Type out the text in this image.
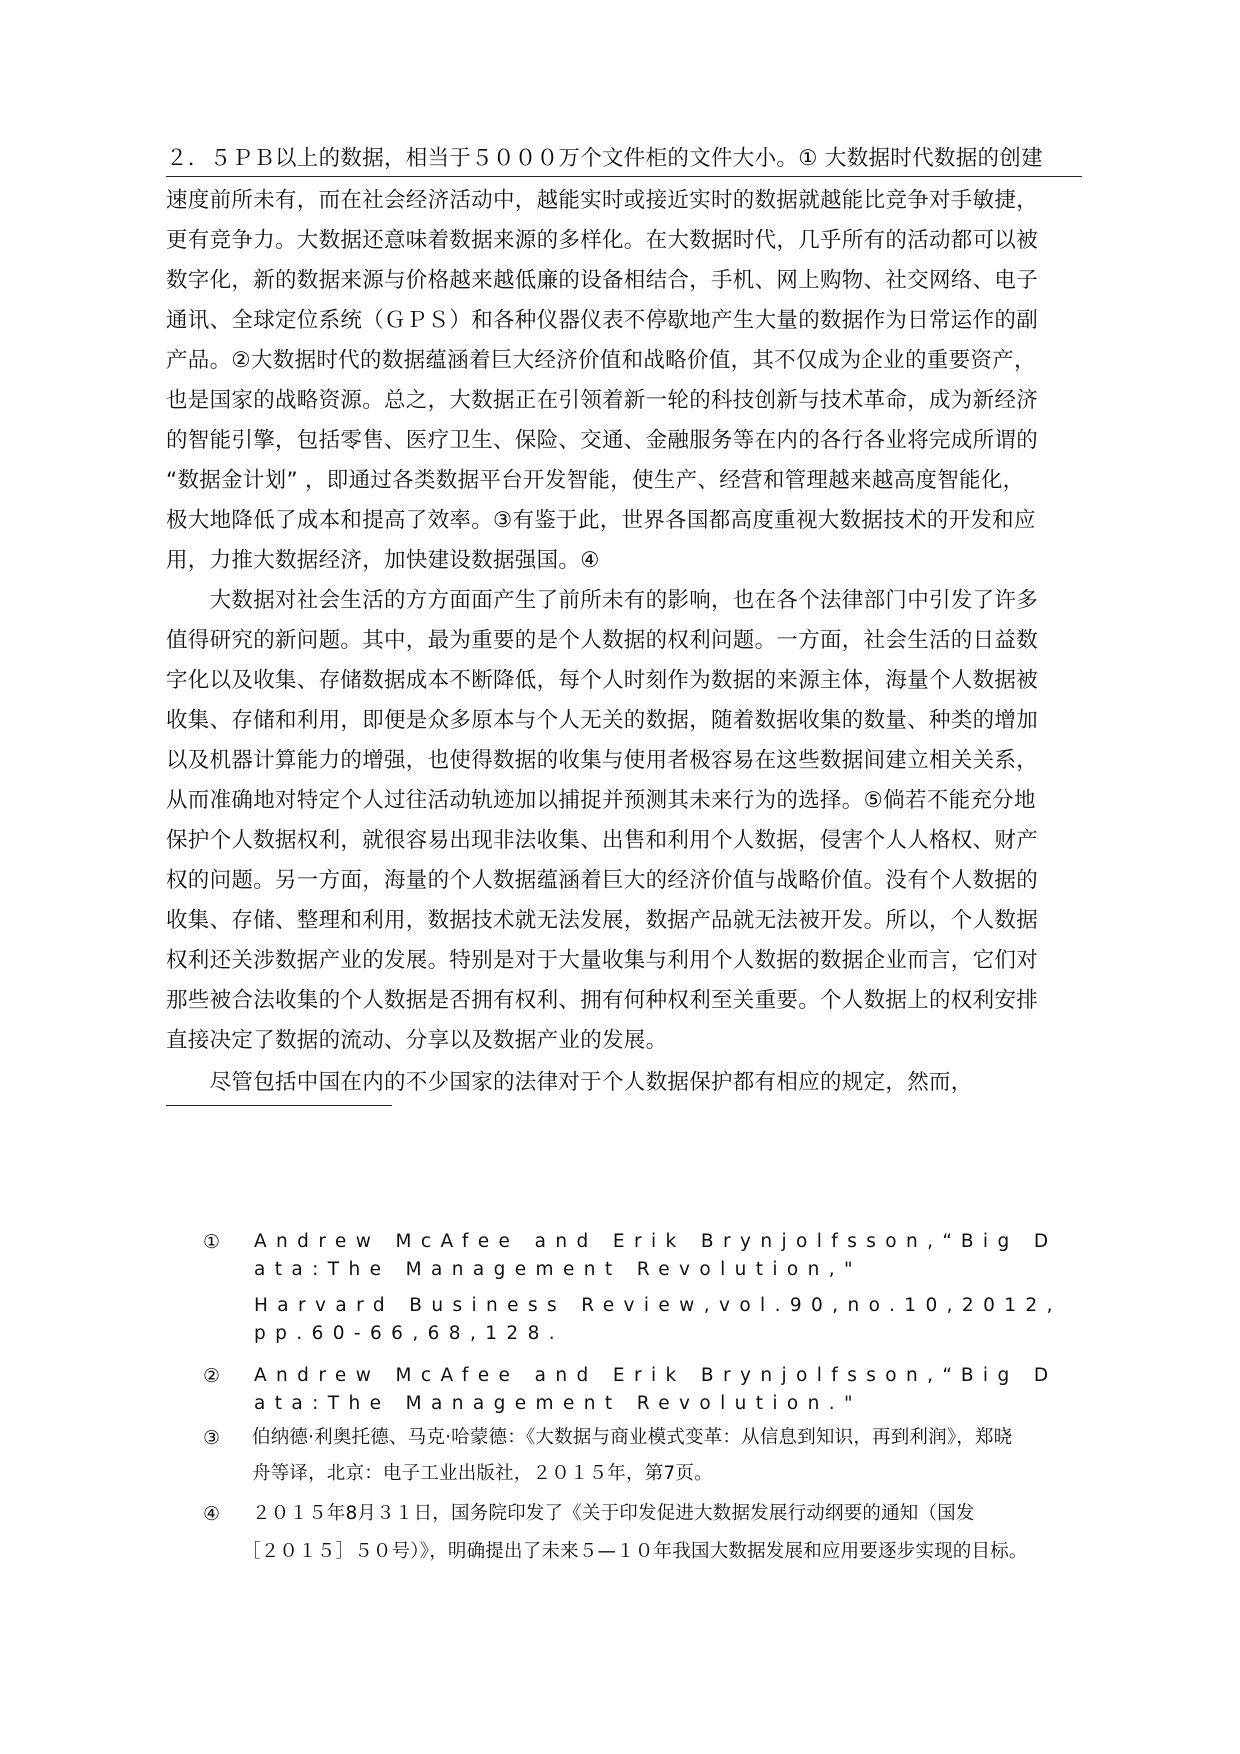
２．５ＰＢ以上的数据，相当于５０００万个文件柜的文件大小。① 大数据时代数据的创建
速度前所未有，而在社会经济活动中，越能实时或接近实时的数据就越能比竞争对手敏捷，
更有竞争力。大数据还意味着数据来源的多样化。在大数据时代，几乎所有的活动都可以被
数字化，新的数据来源与价格越来越低廉的设备相结合，手机、网上购物、社交网络、电子
通讯、全球定位系统（ＧＰＳ）和各种仪器仪表不停歇地产生大量的数据作为日常运作的副
产品。②大数据时代的数据蕴涵着巨大经济价值和战略价值，其不仅成为企业的重要资产，
也是国家的战略资源。总之，大数据正在引领着新一轮的科技创新与技术革命，成为新经济
的智能引擎，包括零售、医疗卫生、保险、交通、金融服务等在内的各行各业将完成所谓的
“数据金计划” ，即通过各类数据平台开发智能，使生产、经营和管理越来越高度智能化，
极大地降低了成本和提高了效率。③有鉴于此，世界各国都高度重视大数据技术的开发和应
用，力推大数据经济，加快建设数据强国。④
　　大数据对社会生活的方方面面产生了前所未有的影响，也在各个法律部门中引发了许多
值得研究的新问题。其中，最为重要的是个人数据的权利问题。一方面，社会生活的日益数
字化以及收集、存储数据成本不断降低，每个人时刻作为数据的来源主体，海量个人数据被
收集、存储和利用，即便是众多原本与个人无关的数据，随着数据收集的数量、种类的增加
以及机器计算能力的增强，也使得数据的收集与使用者极容易在这些数据间建立相关关系，
从而准确地对特定个人过往活动轨迹加以捕捉并预测其未来行为的选择。⑤倘若不能充分地
保护个人数据权利，就很容易出现非法收集、出售和利用个人数据，侵害个人人格权、财产
权的问题。另一方面，海量的个人数据蕴涵着巨大的经济价值与战略价值。没有个人数据的
收集、存储、整理和利用，数据技术就无法发展，数据产品就无法被开发。所以，个人数据
权利还关涉数据产业的发展。特别是对于大量收集与利用个人数据的数据企业而言，它们对
那些被合法收集的个人数据是否拥有权利、拥有何种权利至关重要。个人数据上的权利安排
直接决定了数据的流动、分享以及数据产业的发展。
　　尽管包括中国在内的不少国家的法律对于个人数据保护都有相应的规定，然而，
① Andrew McAfee and Erik Brynjolfsson,“Big D
ata:The Management Revolution,"
Harvard Business Review,vol.90,no.10,2012,
pp.60-66,68,128.
② Andrew McAfee and Erik Brynjolfsson,“Big D
ata:The Management Revolution."
③ 伯纳德·利奥托德、马克·哈蒙德：《大数据与商业模式变革：从信息到知识，再到利润》，郑晓
舟等译，北京：电子工业出版社，２０１５年，第7页。
④ ２０１５年8月３１日，国务院印发了《关于印发促进大数据发展行动纲要的通知（国发
［２０１５］５０号）》，明确提出了未来５—１０年我国大数据发展和应用要逐步实现的目标。
